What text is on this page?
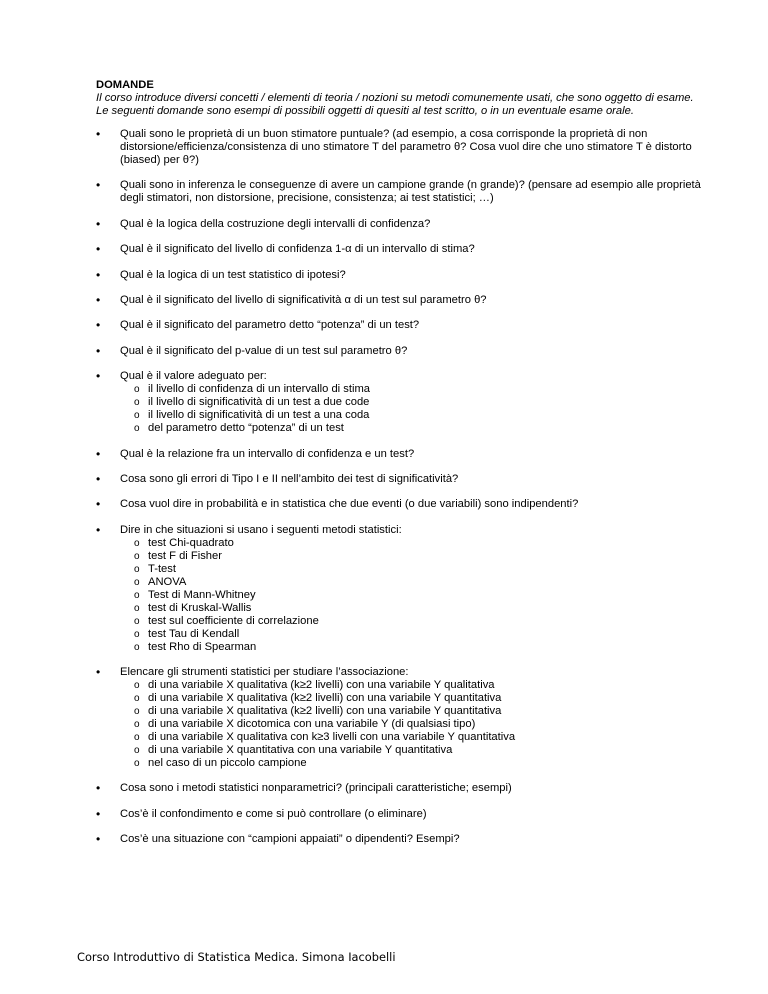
DOMANDE

Il corso introduce diversi concetti / elementi di teoria / nozioni su metodi comunemente usati, che sono oggetto di esame. Le seguenti domande sono esempi di possibili oggetti di quesiti al test scritto, o in un eventuale esame orale.

• Quali sono le proprietà di un buon stimatore puntuale? (ad esempio, a cosa corrisponde la proprietà di non distorsione/efficienza/consistenza di uno stimatore T del parametro θ? Cosa vuol dire che uno stimatore T è distorto (biased) per θ?)
• Quali sono in inferenza le conseguenze di avere un campione grande (n grande)? (pensare ad esempio alle proprietà degli stimatori, non distorsione, precisione, consistenza; ai test statistici; …)
• Qual è la logica della costruzione degli intervalli di confidenza?
• Qual è il significato del livello di confidenza 1-α di un intervallo di stima?
• Qual è la logica di un test statistico di ipotesi?
• Qual è il significato del livello di significatività α di un test sul parametro θ?
• Qual è il significato del parametro detto “potenza” di un test?
• Qual è il significato del p-value di un test sul parametro θ?
• Qual è il valore adeguato per:
o il livello di confidenza di un intervallo di stima
o il livello di significatività di un test a due code
o il livello di significatività di un test a una coda
o del parametro detto “potenza” di un test
• Qual è la relazione fra un intervallo di confidenza e un test?
• Cosa sono gli errori di Tipo I e II nell’ambito dei test di significatività?
• Cosa vuol dire in probabilità e in statistica che due eventi (o due variabili) sono indipendenti?
• Dire in che situazioni si usano i seguenti metodi statistici:
o test Chi-quadrato
o test F di Fisher
o T-test
o ANOVA
o Test di Mann-Whitney
o test di Kruskal-Wallis
o test sul coefficiente di correlazione
o test Tau di Kendall
o test Rho di Spearman
• Elencare gli strumenti statistici per studiare l’associazione:
o di una variabile X qualitativa (k≥2 livelli) con una variabile Y qualitativa
o di una variabile X qualitativa (k≥2 livelli) con una variabile Y quantitativa
o di una variabile X qualitativa (k≥2 livelli) con una variabile Y quantitativa
o di una variabile X dicotomica con una variabile Y (di qualsiasi tipo)
o di una variabile X qualitativa con k≥3 livelli con una variabile Y quantitativa
o di una variabile X quantitativa con una variabile Y quantitativa
o nel caso di un piccolo campione
• Cosa sono i metodi statistici nonparametrici? (principali caratteristiche; esempi)
• Cos’è il confondimento e come si può controllare (o eliminare)
• Cos’è una situazione con “campioni appaiati” o dipendenti? Esempi?
Corso Introduttivo di Statistica Medica. Simona Iacobelli
